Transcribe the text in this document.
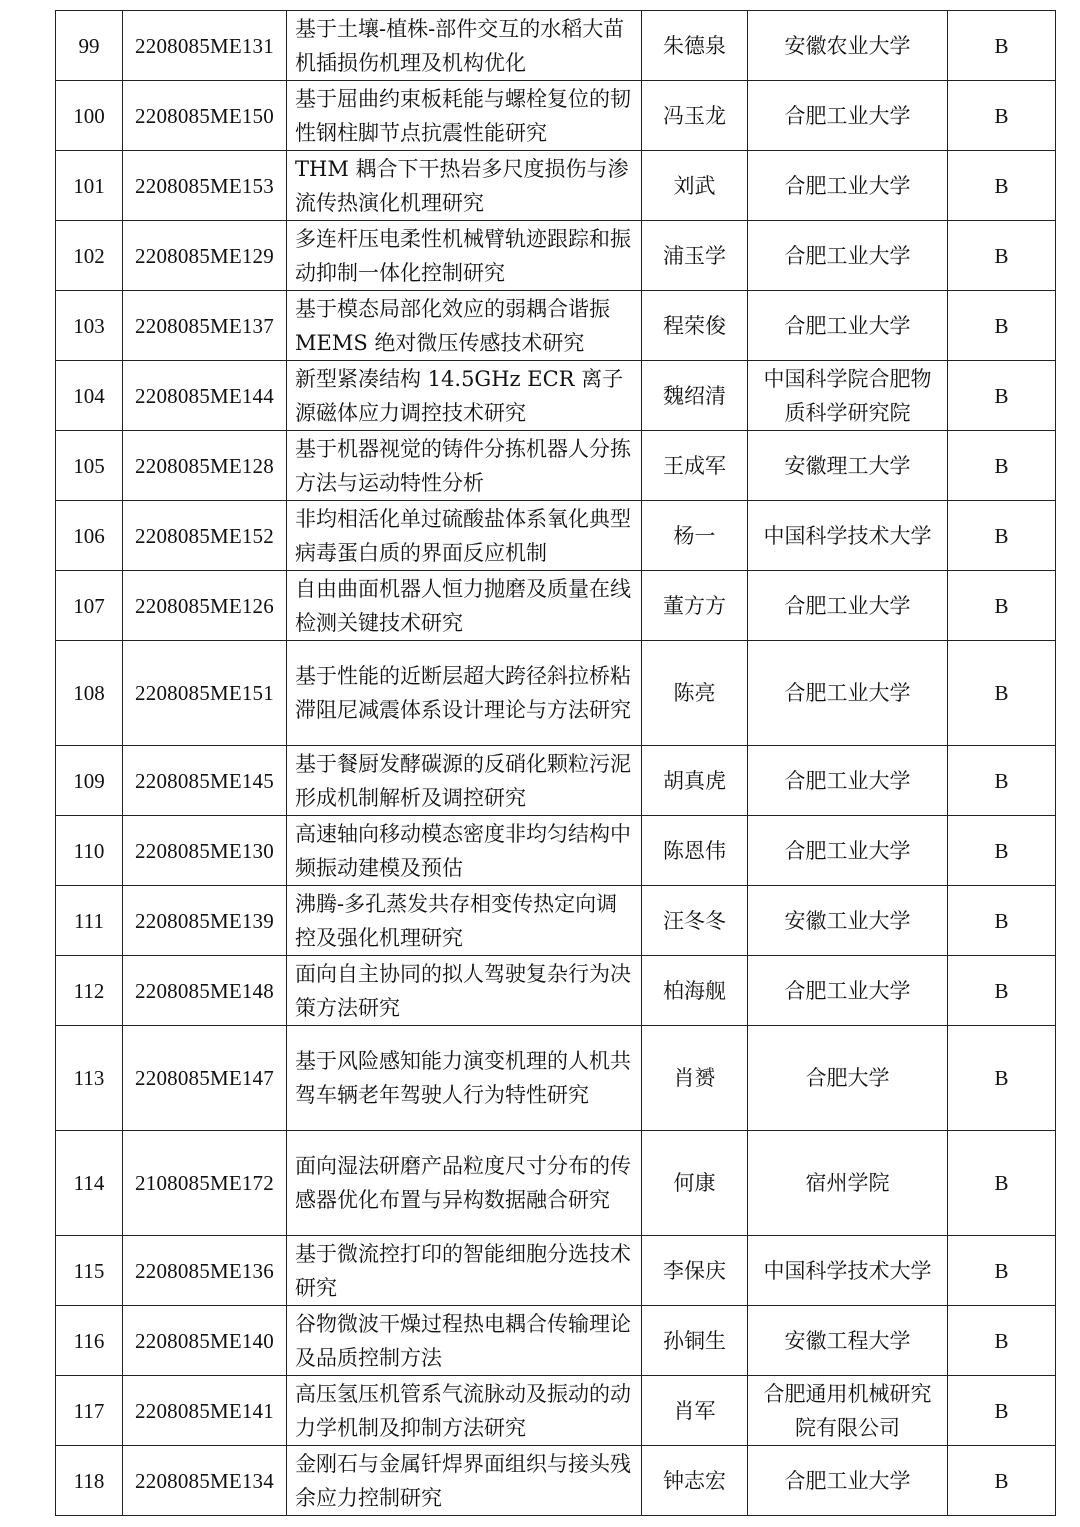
99	2208085ME131	基于土壤-植株-部件交互的水稻大苗机插损伤机理及机构优化	朱德泉	安徽农业大学	B
100	2208085ME150	基于屈曲约束板耗能与螺栓复位的韧性钢柱脚节点抗震性能研究	冯玉龙	合肥工业大学	B
101	2208085ME153	THM 耦合下干热岩多尺度损伤与渗流传热演化机理研究	刘武	合肥工业大学	B
102	2208085ME129	多连杆压电柔性机械臂轨迹跟踪和振动抑制一体化控制研究	浦玉学	合肥工业大学	B
103	2208085ME137	基于模态局部化效应的弱耦合谐振 MEMS 绝对微压传感技术研究	程荣俊	合肥工业大学	B
104	2208085ME144	新型紧凑结构 14.5GHz ECR 离子源磁体应力调控技术研究	魏绍清	中国科学院合肥物质科学研究院	B
105	2208085ME128	基于机器视觉的铸件分拣机器人分拣方法与运动特性分析	王成军	安徽理工大学	B
106	2208085ME152	非均相活化单过硫酸盐体系氧化典型病毒蛋白质的界面反应机制	杨一	中国科学技术大学	B
107	2208085ME126	自由曲面机器人恒力抛磨及质量在线检测关键技术研究	董方方	合肥工业大学	B
108	2208085ME151	基于性能的近断层超大跨径斜拉桥粘滞阻尼减震体系设计理论与方法研究	陈亮	合肥工业大学	B
109	2208085ME145	基于餐厨发酵碳源的反硝化颗粒污泥形成机制解析及调控研究	胡真虎	合肥工业大学	B
110	2208085ME130	高速轴向移动模态密度非均匀结构中频振动建模及预估	陈恩伟	合肥工业大学	B
111	2208085ME139	沸腾-多孔蒸发共存相变传热定向调控及强化机理研究	汪冬冬	安徽工业大学	B
112	2208085ME148	面向自主协同的拟人驾驶复杂行为决策方法研究	柏海舰	合肥工业大学	B
113	2208085ME147	基于风险感知能力演变机理的人机共驾车辆老年驾驶人行为特性研究	肖赟	合肥大学	B
114	2108085ME172	面向湿法研磨产品粒度尺寸分布的传感器优化布置与异构数据融合研究	何康	宿州学院	B
115	2208085ME136	基于微流控打印的智能细胞分选技术研究	李保庆	中国科学技术大学	B
116	2208085ME140	谷物微波干燥过程热电耦合传输理论及品质控制方法	孙铜生	安徽工程大学	B
117	2208085ME141	高压氢压机管系气流脉动及振动的动力学机制及抑制方法研究	肖军	合肥通用机械研究院有限公司	B
118	2208085ME134	金刚石与金属钎焊界面组织与接头残余应力控制研究	钟志宏	合肥工业大学	B
